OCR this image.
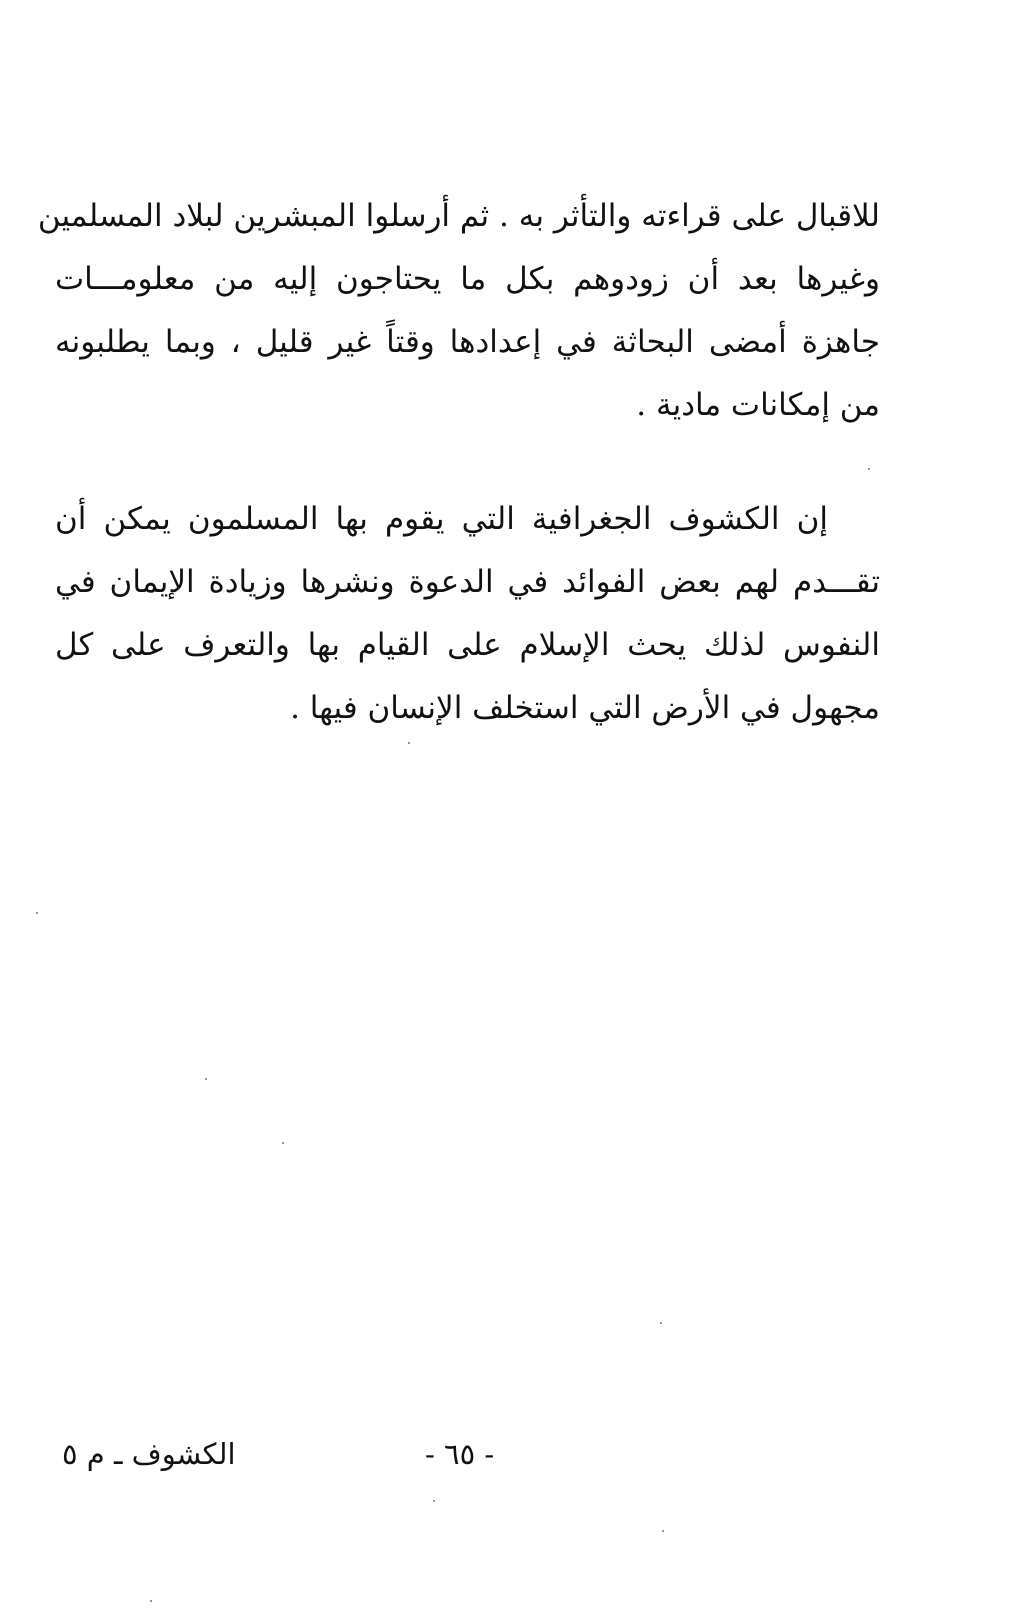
للاقبال على قراءته والتأثر به . ثم أرسلوا المبشرين لبلاد المسلمين
وغيرها بعد أن زودوهم بكل ما يحتاجون إليه من معلومـــات
جاهزة أمضى البحاثة في إعدادها وقتاً غير قليل ، وبما يطلبونه
من إمكانات مادية .
إن الكشوف الجغرافية التي يقوم بها المسلمون يمكن أن
تقـــدم لهم بعض الفوائد في الدعوة ونشرها وزيادة الإيمان في
النفوس لذلك يحث الإسلام على القيام بها والتعرف على كل
مجهول في الأرض التي استخلف الإنسان فيها .
الكشوف ـ م ٥	- ٦٥ -
